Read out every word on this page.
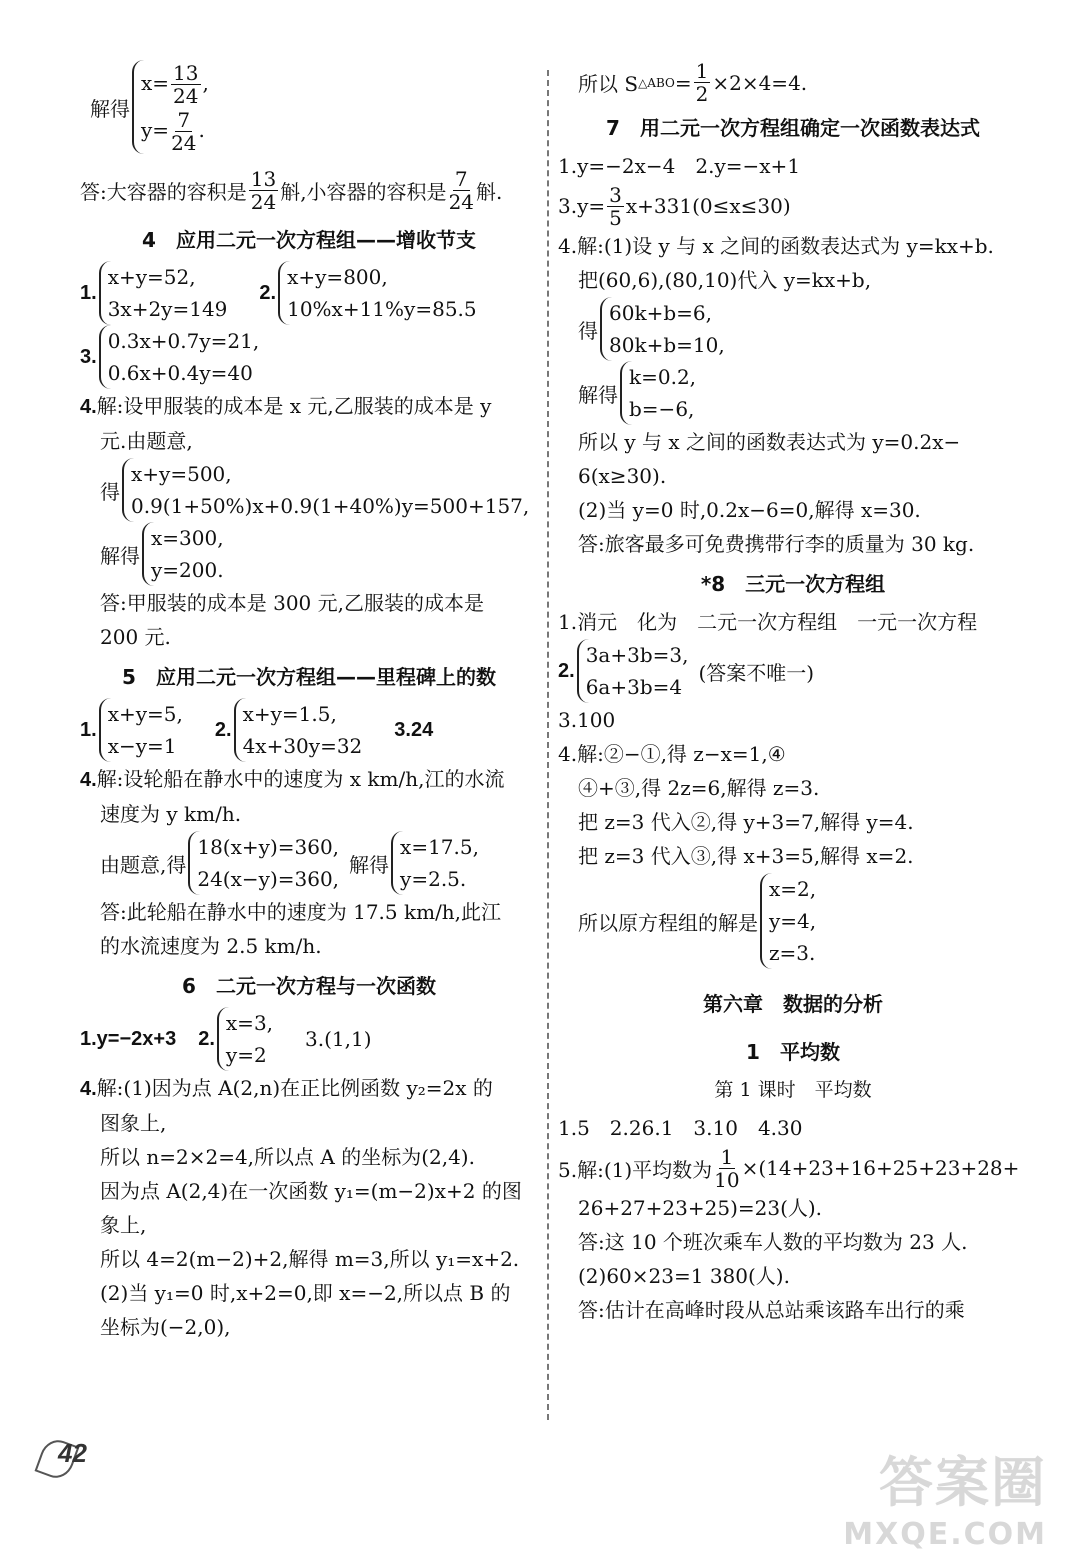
解得
$x= \frac{13}{24}$ ,
$y= \frac{7}{24}$ .
答:大容器的容积是 $\frac{13}{24}$ 斛,小容器的容积是 $\frac{7}{24}$ 斛.
4　应用二元一次方程组——增收节支
1.
x+y=52,
3x+2y=149
2.
x+y=800,
10%x+11%y=85.5
3.
0.3x+0.7y=21,
0.6x+0.4y=40
4.解:设甲服装的成本是 x 元,乙服装的成本是 y
元.由题意,
得
x+y=500,
0.9(1+50%)x+0.9(1+40%)y=500+157,
解得
x=300,
y=200.
答:甲服装的成本是 300 元,乙服装的成本是
200 元.
5　应用二元一次方程组——里程碑上的数
1.
x+y=5,
x−y=1
2.
x+y=1.5,
4x+30y=32
3.24
4.解:设轮船在静水中的速度为 x km/h,江的水流
速度为 y km/h.
由题意,得
18(x+y)=360,
24(x−y)=360,
解得
x=17.5,
y=2.5.
答:此轮船在静水中的速度为 17.5 km/h,此江
的水流速度为 2.5 km/h.
6　二元一次方程与一次函数
1.y=−2x+3 2.
x=3,
y=2
3.(1,1)
4.解:(1)因为点 A(2,n)在正比例函数 y₂=2x 的
图象上,
所以 n=2×2=4,所以点 A 的坐标为(2,4).
因为点 A(2,4)在一次函数 y₁=(m−2)x+2 的图
象上,
所以 4=2(m−2)+2,解得 m=3,所以 y₁=x+2.
(2)当 y₁=0 时,x+2=0,即 x=−2,所以点 B 的
坐标为(−2,0),
所以 S △ABO = $\frac{1}{2} \times 2\times 4=4$.
7　用二元一次方程组确定一次函数表达式
1.y=−2x−4　2.y=−x+1
$3.y= \frac{3}{5} x+331(0\le x\le 30)$
4.解:(1)设 y 与 x 之间的函数表达式为 y=kx+b.
把(60,6),(80,10)代入 y=kx+b,
得
60k+b=6,
80k+b=10,
解得
k=0.2,
b=−6,
所以 y 与 x 之间的函数表达式为 y=0.2x−
6(x≥30).
(2)当 y=0 时,0.2x−6=0,解得 x=30.
答:旅客最多可免费携带行李的质量为 30 kg.
*8　三元一次方程组
1.消元　化为　二元一次方程组　一元一次方程
2.
3a+3b=3,
6a+3b=4
(答案不唯一)
3.100
4.解:②−①,得 z−x=1,④
④+③,得 2z=6,解得 z=3.
把 z=3 代入②,得 y+3=7,解得 y=4.
把 z=3 代入③,得 x+3=5,解得 x=2.
所以原方程组的解是
x=2,
y=4,
z=3.
第六章　数据的分析
1　平均数
第 1 课时　平均数
1.5　2.26.1　3.10　4.30
5.解:(1)平均数为 $\frac{1}{10} \times(14+23+16+25+23+28+$
26+27+23+25)=23(人).
答:这 10 个班次乘车人数的平均数为 23 人.
(2)60×23=1 380(人).
答:估计在高峰时段从总站乘该路车出行的乘
42	答案圈
MXQE.COM
